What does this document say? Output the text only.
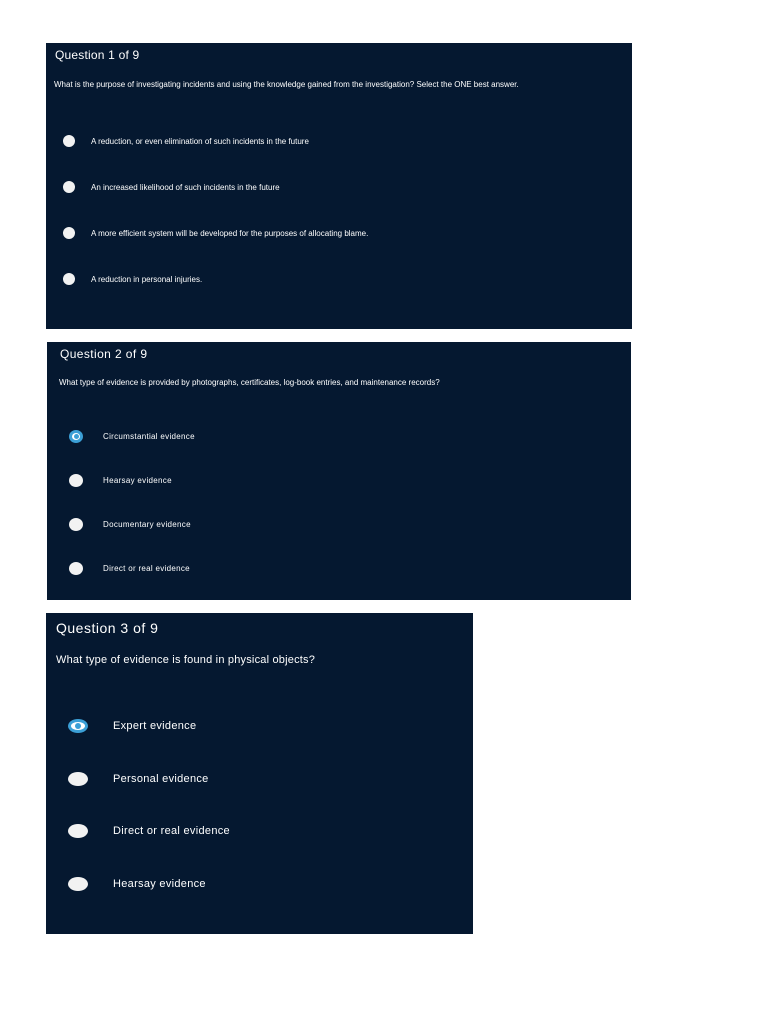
Question 1 of 9
What is the purpose of investigating incidents and using the knowledge gained from the investigation? Select the ONE best answer.
A reduction, or even elimination of such incidents in the future
An increased likelihood of such incidents in the future
A more efficient system will be developed for the purposes of allocating blame.
A reduction in personal injuries.
Question 2 of 9
What type of evidence is provided by photographs, certificates, log-book entries, and maintenance records?
Circumstantial evidence
Hearsay evidence
Documentary evidence
Direct or real evidence
Question 3 of 9
What type of evidence is found in physical objects?
Expert evidence
Personal evidence
Direct or real evidence
Hearsay evidence
